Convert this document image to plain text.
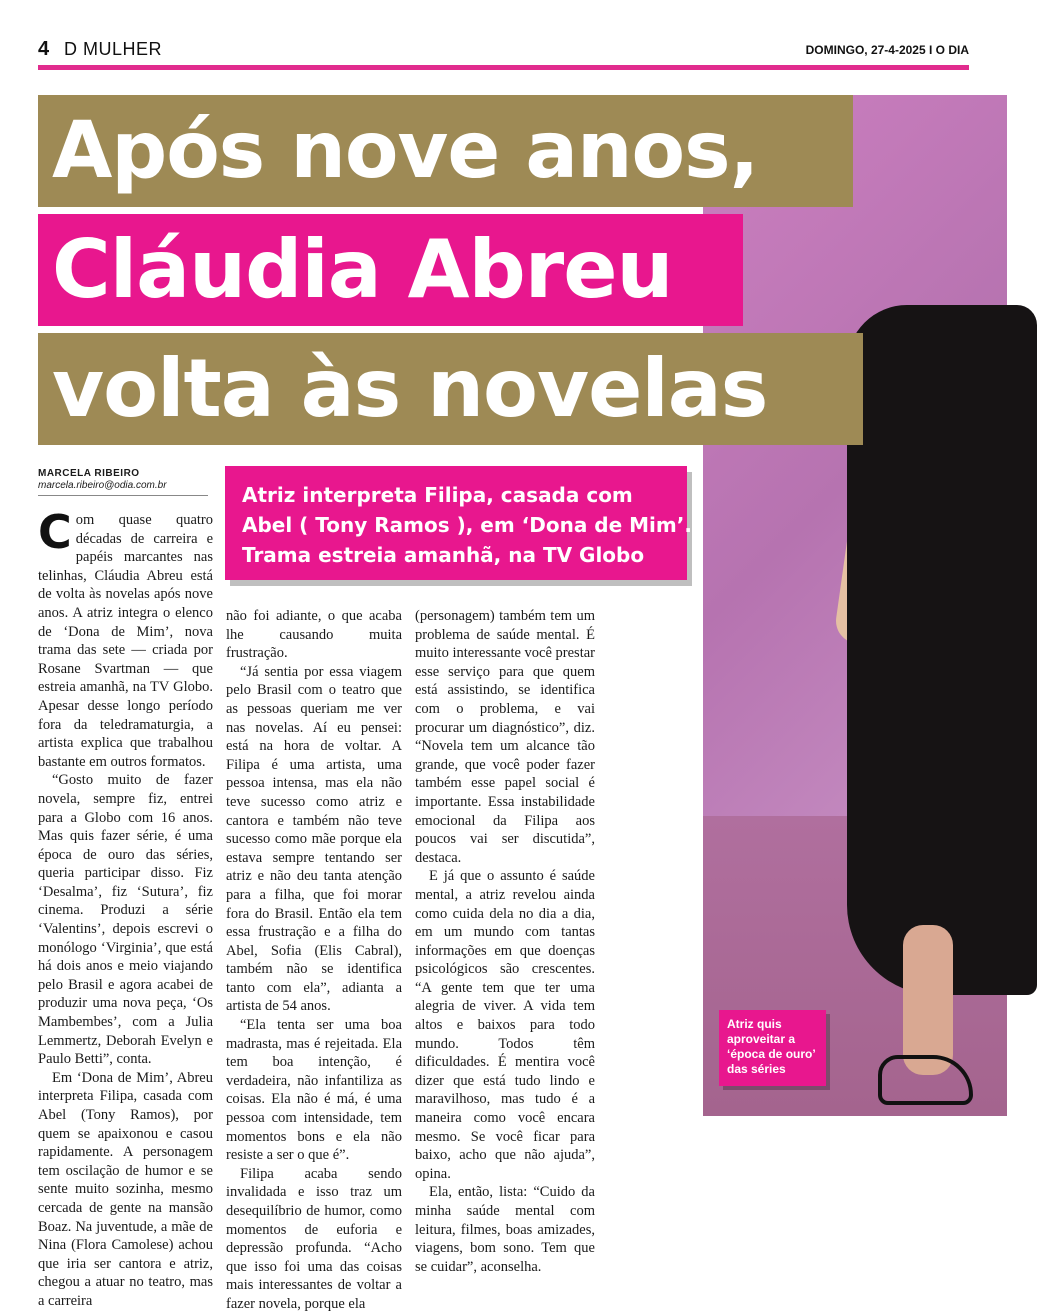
4 D MULHER	DOMINGO, 27-4-2025 I O DIA
Após nove anos,
Cláudia Abreu
volta às novelas
MARCELA RIBEIRO
marcela.ribeiro@odia.com.br	Atriz interpreta Filipa, casada com
Abel ( Tony Ramos ), em ‘Dona de Mim’.
Trama estreia amanhã, na TV Globo

Com quase quatro décadas de carreira e papéis marcantes nas telinhas, Cláudia Abreu está de volta às novelas após nove anos. A atriz integra o elenco de ‘Dona de Mim’, nova trama das sete — criada por Rosane Svartman — que estreia amanhã, na TV Globo. Apesar desse longo período fora da teledramaturgia, a artista explica que trabalhou bastante em outros formatos.

“Gosto muito de fazer novela, sempre fiz, entrei para a Globo com 16 anos. Mas quis fazer série, é uma época de ouro das séries, queria participar disso. Fiz ‘Desalma’, fiz ‘Sutura’, fiz cinema. Produzi a série ‘Valentins’, depois escrevi o monólogo ‘Virginia’, que está há dois anos e meio viajando pelo Brasil e agora acabei de produzir uma nova peça, ‘Os Mambembes’, com a Julia Lemmertz, Deborah Evelyn e Paulo Betti”, conta.

Em ‘Dona de Mim’, Abreu interpreta Filipa, casada com Abel (Tony Ramos), por quem se apaixonou e casou rapidamente. A personagem tem oscilação de humor e se sente muito sozinha, mesmo cercada de gente na mansão Boaz. Na juventude, a mãe de Nina (Flora Camolese) achou que iria ser cantora e atriz, chegou a atuar no teatro, mas a carreira

não foi adiante, o que acaba lhe causando muita frustração.

“Já sentia por essa viagem pelo Brasil com o teatro que as pessoas queriam me ver nas novelas. Aí eu pensei: está na hora de voltar. A Filipa é uma artista, uma pessoa intensa, mas ela não teve sucesso como atriz e cantora e também não teve sucesso como mãe porque ela estava sempre tentando ser atriz e não deu tanta atenção para a filha, que foi morar fora do Brasil. Então ela tem essa frustração e a filha do Abel, Sofia (Elis Cabral), também não se identifica tanto com ela”, adianta a artista de 54 anos.

“Ela tenta ser uma boa madrasta, mas é rejeitada. Ela tem boa intenção, é verdadeira, não infantiliza as coisas. Ela não é má, é uma pessoa com intensidade, tem momentos bons e ela não resiste a ser o que é”.

Filipa acaba sendo invalidada e isso traz um desequilíbrio de humor, como momentos de euforia e depressão profunda. “Acho que isso foi uma das coisas mais interessantes de voltar a fazer novela, porque ela

(personagem) também tem um problema de saúde mental. É muito interessante você prestar esse serviço para que quem está assistindo, se identifica com o problema, e vai procurar um diagnóstico”, diz. “Novela tem um alcance tão grande, que você poder fazer também esse papel social é importante. Essa instabilidade emocional da Filipa aos poucos vai ser discutida”, destaca.

E já que o assunto é saúde mental, a atriz revelou ainda como cuida dela no dia a dia, em um mundo com tantas informações em que doenças psicológicos são crescentes. “A gente tem que ter uma alegria de viver. A vida tem altos e baixos para todo mundo. Todos têm dificuldades. É mentira você dizer que está tudo lindo e maravilhoso, mas tudo é a maneira como você encara mesmo. Se você ficar para baixo, acho que não ajuda”, opina.

Ela, então, lista: “Cuido da minha saúde mental com leitura, filmes, boas amizades, viagens, bom sono. Tem que se cuidar”, aconselha.

Atriz quis
aproveitar a
‘época de ouro’
das séries
